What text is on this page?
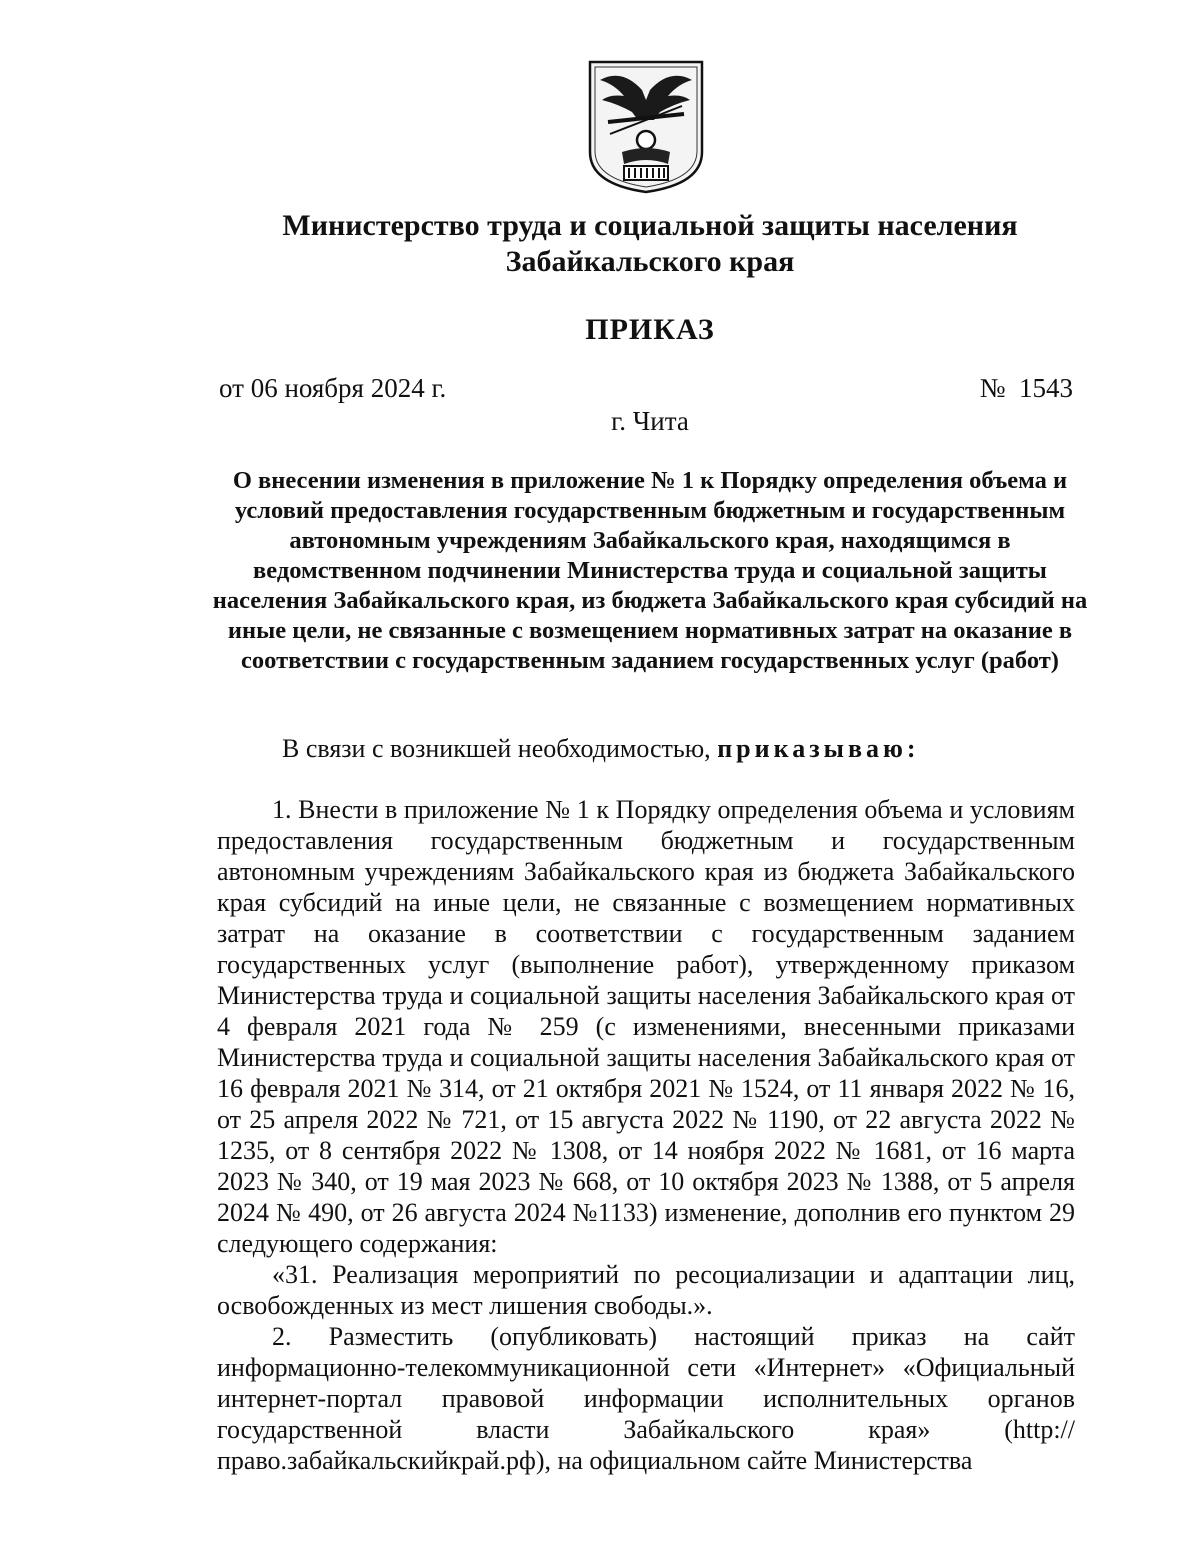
Министерство труда и социальной защиты населения
Забайкальского края
ПРИКАЗ
от 06 ноября 2024 г.	№  1543
г. Чита
О внесении изменения в приложение № 1 к Порядку определения объема и условий предоставления государственным бюджетным и государственным автономным учреждениям Забайкальского края, находящимся в ведомственном подчинении Министерства труда и социальной защиты населения Забайкальского края, из бюджета Забайкальского края субсидий на иные цели, не связанные с возмещением нормативных затрат на оказание в соответствии с государственным заданием государственных услуг (работ)

В связи с возникшей необходимостью, приказываю:

1. Внести в приложение № 1 к Порядку определения объема и условиям предоставления государственным бюджетным и государственным автономным учреждениям Забайкальского края из бюджета Забайкальского края субсидий на иные цели, не связанные с возмещением нормативных затрат на оказание в соответствии с государственным заданием государственных услуг (выполнение работ), утвержденному приказом Министерства труда и социальной защиты населения Забайкальского края от 4 февраля 2021 года № 259 (с изменениями, внесенными приказами Министерства труда и социальной защиты населения Забайкальского края от 16 февраля 2021 № 314, от 21 октября 2021 № 1524, от 11 января 2022 № 16, от 25 апреля 2022 № 721, от 15 августа 2022 № 1190, от 22 августа 2022 № 1235, от 8 сентября 2022 № 1308, от 14 ноября 2022 № 1681, от 16 марта 2023 № 340, от 19 мая 2023 № 668, от 10 октября 2023 № 1388, от 5 апреля 2024 № 490, от 26 августа 2024 №1133) изменение, дополнив его пунктом 29 следующего содержания:

«31. Реализация мероприятий по ресоциализации и адаптации лиц, освобожденных из мест лишения свободы.».

2. Разместить (опубликовать) настоящий приказ на сайт информационно-телекоммуникационной сети «Интернет» «Официальный интернет-портал правовой информации исполнительных органов государственной власти Забайкальского края» (http://право.забайкальскийкрай.рф), на официальном сайте Министерства
